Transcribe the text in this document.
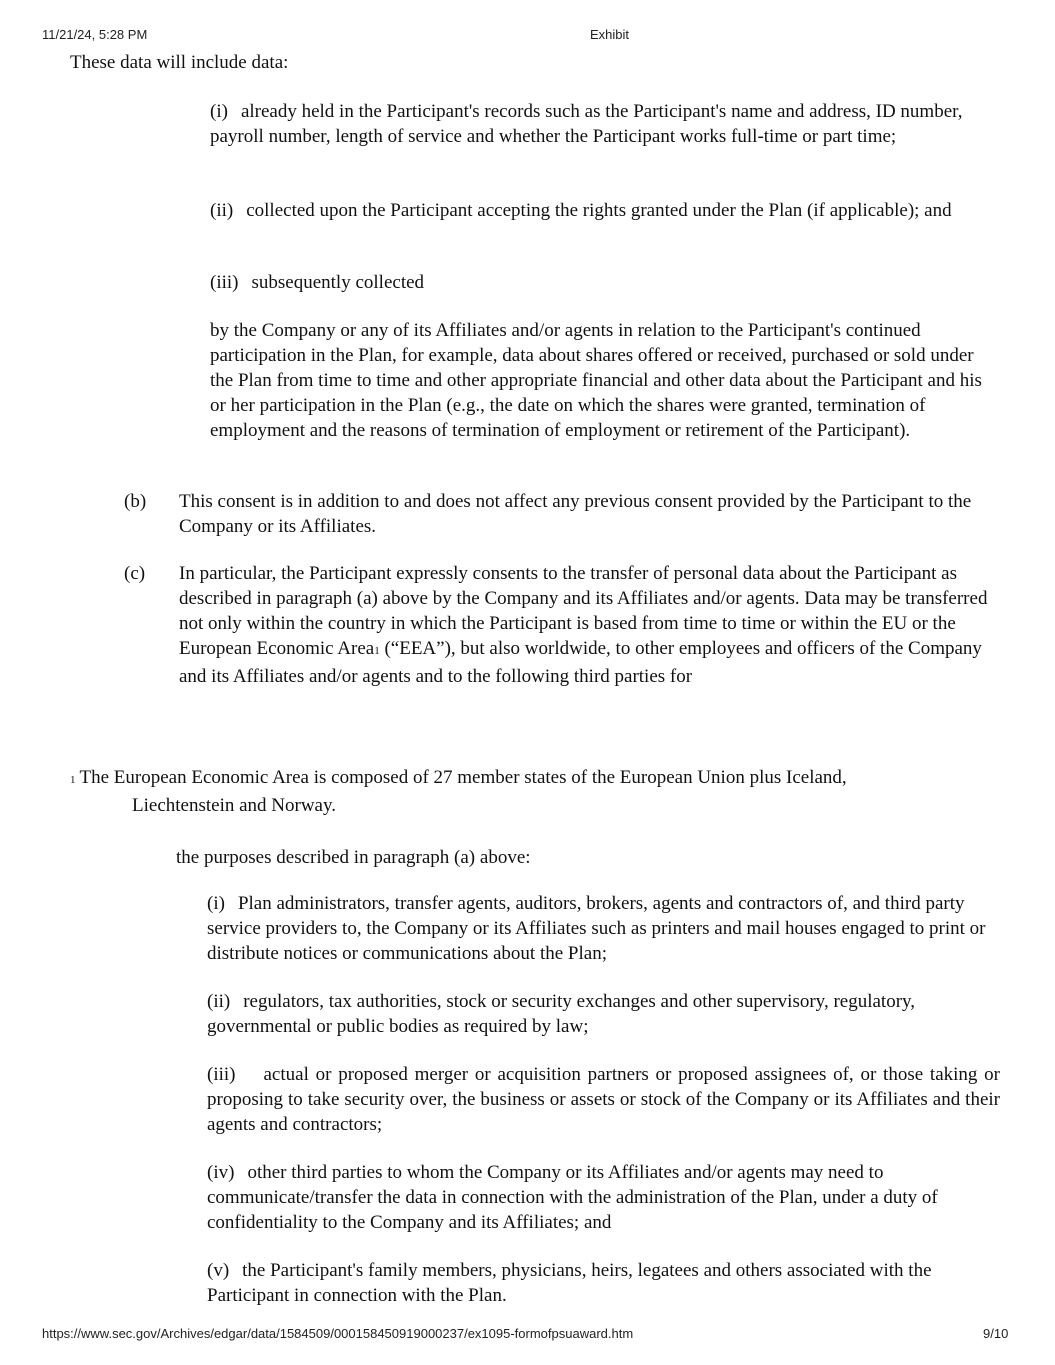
11/21/24, 5:28 PM	Exhibit
These data will include data:
(i) already held in the Participant's records such as the Participant's name and address, ID number, payroll number, length of service and whether the Participant works full-time or part time;
(ii) collected upon the Participant accepting the rights granted under the Plan (if applicable); and
(iii) subsequently collected
by the Company or any of its Affiliates and/or agents in relation to the Participant's continued participation in the Plan, for example, data about shares offered or received, purchased or sold under the Plan from time to time and other appropriate financial and other data about the Participant and his or her participation in the Plan (e.g., the date on which the shares were granted, termination of employment and the reasons of termination of employment or retirement of the Participant).
(b) This consent is in addition to and does not affect any previous consent provided by the Participant to the Company or its Affiliates.
(c) In particular, the Participant expressly consents to the transfer of personal data about the Participant as described in paragraph (a) above by the Company and its Affiliates and/or agents. Data may be transferred not only within the country in which the Participant is based from time to time or within the EU or the European Economic Area1 (“EEA”), but also worldwide, to other employees and officers of the Company and its Affiliates and/or agents and to the following third parties for
1 The European Economic Area is composed of 27 member states of the European Union plus Iceland, Liechtenstein and Norway.
the purposes described in paragraph (a) above:
(i) Plan administrators, transfer agents, auditors, brokers, agents and contractors of, and third party service providers to, the Company or its Affiliates such as printers and mail houses engaged to print or distribute notices or communications about the Plan;
(ii) regulators, tax authorities, stock or security exchanges and other supervisory, regulatory, governmental or public bodies as required by law;
(iii) actual or proposed merger or acquisition partners or proposed assignees of, or those taking or proposing to take security over, the business or assets or stock of the Company or its Affiliates and their agents and contractors;
(iv) other third parties to whom the Company or its Affiliates and/or agents may need to communicate/transfer the data in connection with the administration of the Plan, under a duty of confidentiality to the Company and its Affiliates; and
(v) the Participant's family members, physicians, heirs, legatees and others associated with the Participant in connection with the Plan.
https://www.sec.gov/Archives/edgar/data/1584509/000158450919000237/ex1095-formofpsuaward.htm	9/10
